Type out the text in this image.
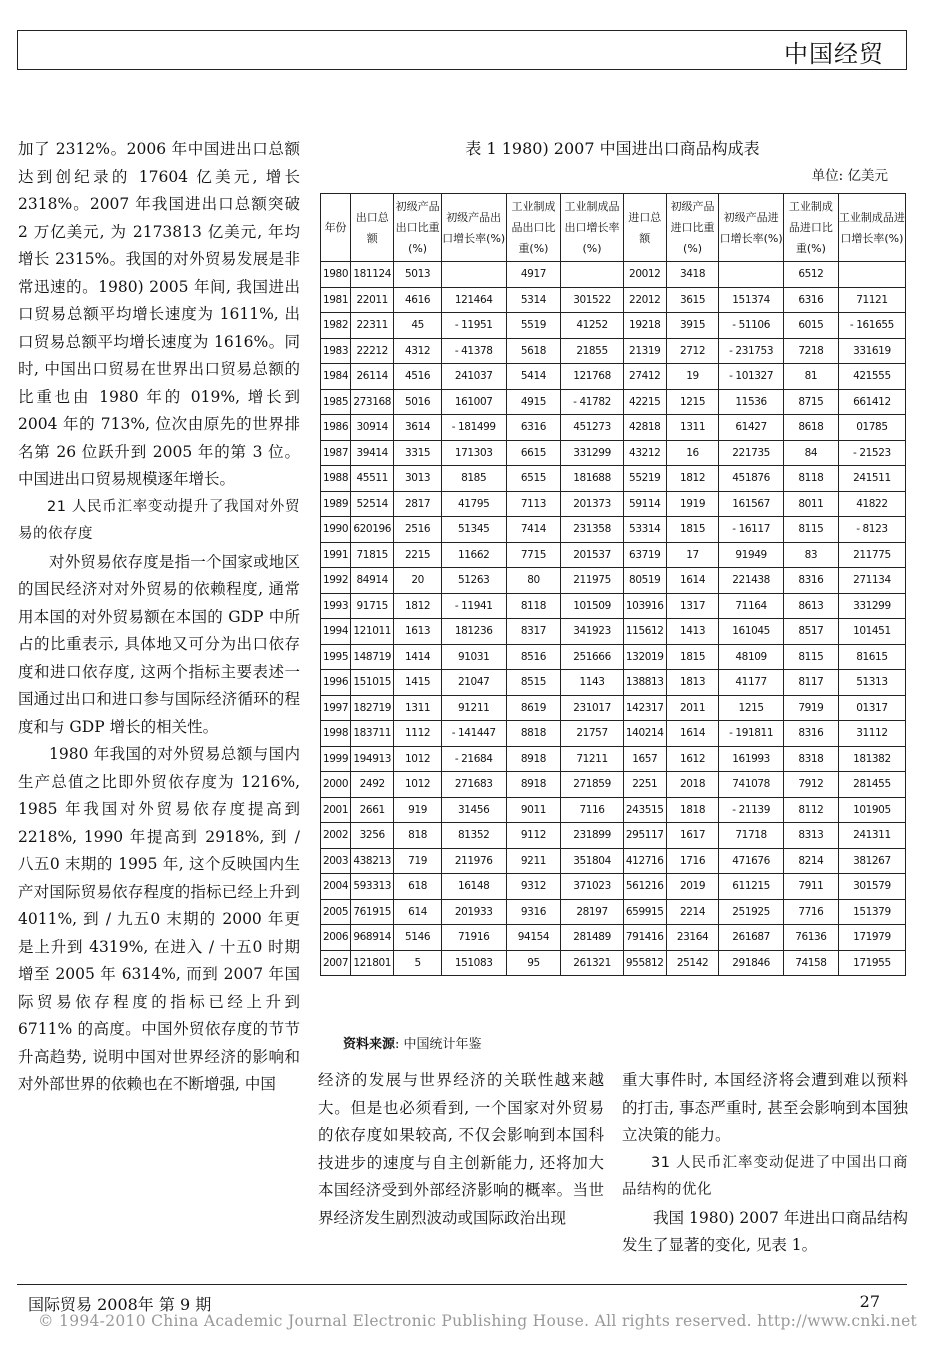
中国经贸

加了 2312%。2006 年中国进出口总额达到创纪录的 17604 亿美元, 增长 2318%。2007 年我国进出口总额突破 2 万亿美元, 为 2173813 亿美元, 年均增长 2315%。我国的对外贸易发展是非常迅速的。1980) 2005 年间, 我国进出口贸易总额平均增长速度为 1611%, 出口贸易总额平均增长速度为 1616%。同时, 中国出口贸易在世界出口贸易总额的比重也由 1980 年的 019%, 增长到 2004 年的 713%, 位次由原先的世界排名第 26 位跃升到 2005 年的第 3 位。中国进出口贸易规模逐年增长。

21 人民币汇率变动提升了我国对外贸易的依存度

对外贸易依存度是指一个国家或地区的国民经济对对外贸易的依赖程度, 通常用本国的对外贸易额在本国的 GDP 中所占的比重表示, 具体地又可分为出口依存度和进口依存度, 这两个指标主要表述一国通过出口和进口参与国际经济循环的程度和与 GDP 增长的相关性。

1980 年我国的对外贸易总额与国内生产总值之比即外贸依存度为 1216%, 1985 年我国对外贸易依存度提高到 2218%, 1990 年提高到 2918%, 到 / 八五0 末期的 1995 年, 这个反映国内生产对国际贸易依存程度的指标已经上升到 4011%, 到 / 九五0 末期的 2000 年更是上升到 4319%, 在进入 / 十五0 时期增至 2005 年 6314%, 而到 2007 年国际贸易依存程度的指标已经上升到 6711% 的高度。中国外贸依存度的节节升高趋势, 说明中国对世界经济的影响和对外部世界的依赖也在不断增强, 中国

表 1 1980) 2007 中国进出口商品构成表
单位: 亿美元
年份	出口总额	初级产品出口比重(%)	初级产品出口增长率(%)	工业制成品出口比重(%)	工业制成品出口增长率(%)	进口总额	初级产品进口比重(%)	初级产品进口增长率(%)	工业制成品进口比重(%)	工业制成品进口增长率(%)
1980	181124	5013		4917		20012	3418		6512	
1981	22011	4616	121464	5314	301522	22012	3615	151374	6316	71121
1982	22311	45	- 11951	5519	41252	19218	3915	- 51106	6015	- 161655
1983	22212	4312	- 41378	5618	21855	21319	2712	- 231753	7218	331619
1984	26114	4516	241037	5414	121768	27412	19	- 101327	81	421555
1985	273168	5016	161007	4915	- 41782	42215	1215	11536	8715	661412
1986	30914	3614	- 181499	6316	451273	42818	1311	61427	8618	01785
1987	39414	3315	171303	6615	331299	43212	16	221735	84	- 21523
1988	45511	3013	8185	6515	181688	55219	1812	451876	8118	241511
1989	52514	2817	41795	7113	201373	59114	1919	161567	8011	41822
1990	620196	2516	51345	7414	231358	53314	1815	- 16117	8115	- 8123
1991	71815	2215	11662	7715	201537	63719	17	91949	83	211775
1992	84914	20	51263	80	211975	80519	1614	221438	8316	271134
1993	91715	1812	- 11941	8118	101509	103916	1317	71164	8613	331299
1994	121011	1613	181236	8317	341923	115612	1413	161045	8517	101451
1995	148719	1414	91031	8516	251666	132019	1815	48109	8115	81615
1996	151015	1415	21047	8515	1143	138813	1813	41177	8117	51313
1997	182719	1311	91211	8619	231017	142317	2011	1215	7919	01317
1998	183711	1112	- 141447	8818	21757	140214	1614	- 191811	8316	31112
1999	194913	1012	- 21684	8918	71211	1657	1612	161993	8318	181382
2000	2492	1012	271683	8918	271859	2251	2018	741078	7912	281455
2001	2661	919	31456	9011	7116	243515	1818	- 21139	8112	101905
2002	3256	818	81352	9112	231899	295117	1617	71718	8313	241311
2003	438213	719	211976	9211	351804	412716	1716	471676	8214	381267
2004	593313	618	16148	9312	371023	561216	2019	611215	7911	301579
2005	761915	614	201933	9316	28197	659915	2214	251925	7716	151379
2006	968914	5146	71916	94154	281489	791416	23164	261687	76136	171979
2007	121801	5	151083	95	261321	955812	25142	291846	74158	171955
资料来源: 中国统计年鉴

经济的发展与世界经济的关联性越来越大。但是也必须看到, 一个国家对外贸易的依存度如果较高, 不仅会影响到本国科技进步的速度与自主创新能力, 还将加大本国经济受到外部经济影响的概率。当世界经济发生剧烈波动或国际政治出现

重大事件时, 本国经济将会遭到难以预料的打击, 事态严重时, 甚至会影响到本国独立决策的能力。

31 人民币汇率变动促进了中国出口商品结构的优化

我国 1980) 2007 年进出口商品结构发生了显著的变化, 见表 1。

国际贸易 2008年 第 9 期	27
© 1994-2010 China Academic Journal Electronic Publishing House. All rights reserved. http://www.cnki.net
